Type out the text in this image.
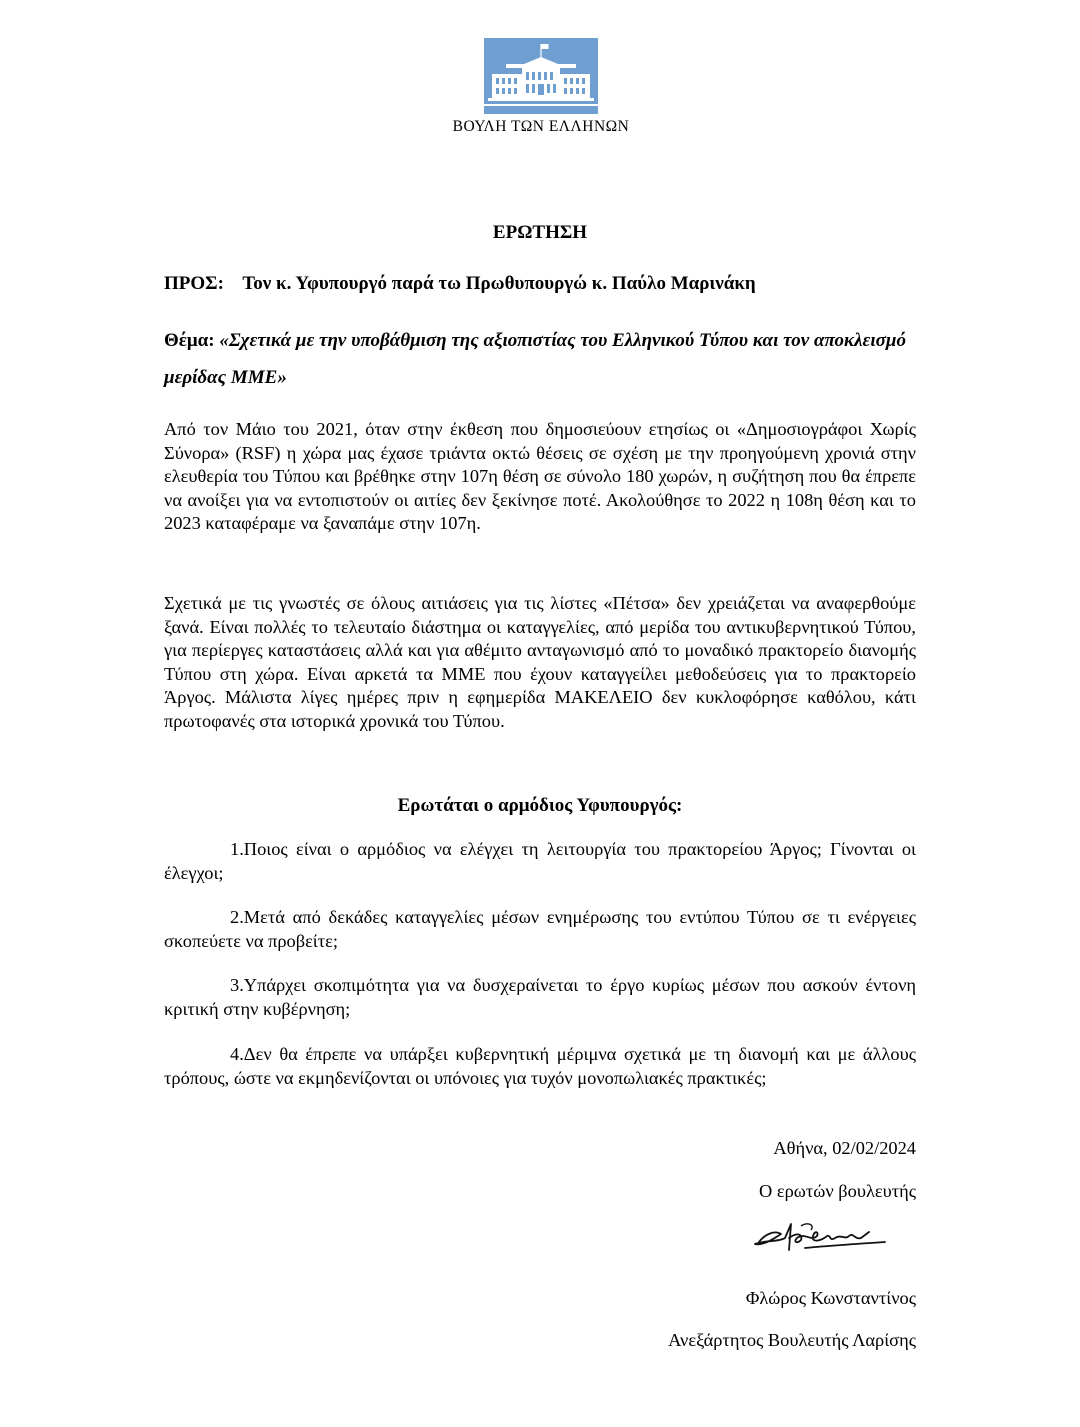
ΒΟΥΛΗ ΤΩΝ ΕΛΛΗΝΩΝ
ΕΡΩΤΗΣΗ
ΠΡΟΣ: Τον κ. Υφυπουργό παρά τω Πρωθυπουργώ κ. Παύλο Μαρινάκη
Θέμα: «Σχετικά με την υποβάθμιση της αξιοπιστίας του Ελληνικού Τύπου και τον αποκλεισμό μερίδας ΜΜΕ»
Από τον Μάιο του 2021, όταν στην έκθεση που δημοσιεύουν ετησίως οι «Δημοσιογράφοι Χωρίς Σύνορα» (RSF) η χώρα μας έχασε τριάντα οκτώ θέσεις σε σχέση με την προηγούμενη χρονιά στην ελευθερία του Τύπου και βρέθηκε στην 107η θέση σε σύνολο 180 χωρών, η συζήτηση που θα έπρεπε να ανοίξει για να εντοπιστούν οι αιτίες δεν ξεκίνησε ποτέ. Ακολούθησε το 2022 η 108η θέση και το 2023 καταφέραμε να ξαναπάμε στην 107η.
Σχετικά με τις γνωστές σε όλους αιτιάσεις για τις λίστες «Πέτσα» δεν χρειάζεται να αναφερθούμε ξανά. Είναι πολλές το τελευταίο διάστημα οι καταγγελίες, από μερίδα του αντικυβερνητικού Τύπου, για περίεργες καταστάσεις αλλά και για αθέμιτο ανταγωνισμό από το μοναδικό πρακτορείο διανομής Τύπου στη χώρα. Είναι αρκετά τα ΜΜΕ που έχουν καταγγείλει μεθοδεύσεις για το πρακτορείο Άργος. Μάλιστα λίγες ημέρες πριν η εφημερίδα ΜΑΚΕΛΕΙΟ δεν κυκλοφόρησε καθόλου, κάτι πρωτοφανές στα ιστορικά χρονικά του Τύπου.
Ερωτάται ο αρμόδιος Υφυπουργός:
1.Ποιος είναι ο αρμόδιος να ελέγχει τη λειτουργία του πρακτορείου Άργος; Γίνονται οι έλεγχοι;
2.Μετά από δεκάδες καταγγελίες μέσων ενημέρωσης του εντύπου Τύπου σε τι ενέργειες σκοπεύετε να προβείτε;
3.Υπάρχει σκοπιμότητα για να δυσχεραίνεται το έργο κυρίως μέσων που ασκούν έντονη κριτική στην κυβέρνηση;
4.Δεν θα έπρεπε να υπάρξει κυβερνητική μέριμνα σχετικά με τη διανομή και με άλλους τρόπους, ώστε να εκμηδενίζονται οι υπόνοιες για τυχόν μονοπωλιακές πρακτικές;
Αθήνα, 02/02/2024
Ο ερωτών βουλευτής
Φλώρος Κωνσταντίνος
Ανεξάρτητος Βουλευτής Λαρίσης
